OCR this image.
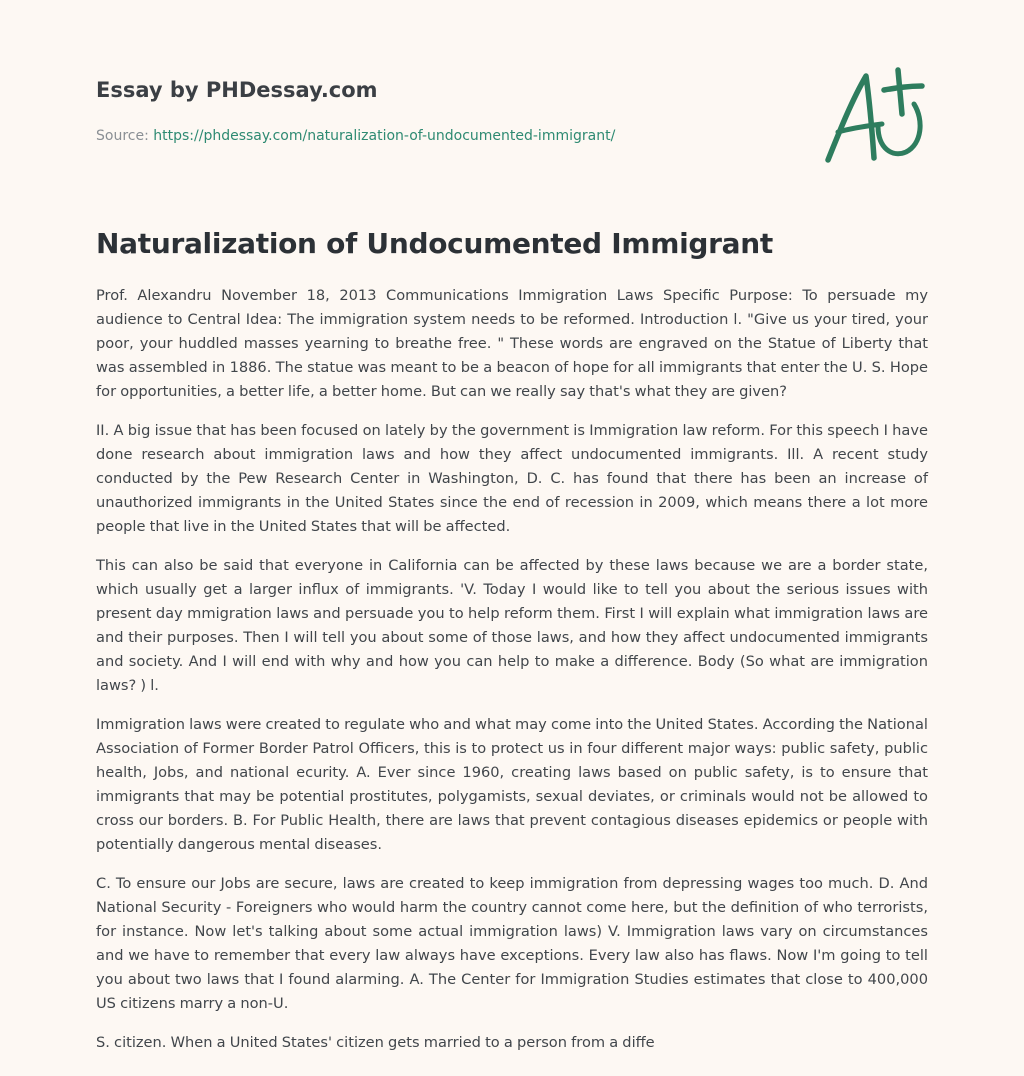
Essay by PHDessay.com
Source: https://phdessay.com/naturalization-of-undocumented-immigrant/
Naturalization of Undocumented Immigrant

Prof. Alexandru November 18, 2013 Communications Immigration Laws Specific Purpose: To persuade my audience to Central Idea: The immigration system needs to be reformed. Introduction l. "Give us your tired, your poor, your huddled masses yearning to breathe free. " These words are engraved on the Statue of Liberty that was assembled in 1886. The statue was meant to be a beacon of hope for all immigrants that enter the U. S. Hope for opportunities, a better life, a better home. But can we really say that's what they are given?

II. A big issue that has been focused on lately by the government is Immigration law reform. For this speech I have done research about immigration laws and how they affect undocumented immigrants. Ill. A recent study conducted by the Pew Research Center in Washington, D. C. has found that there has been an increase of unauthorized immigrants in the United States since the end of recession in 2009, which means there a lot more people that live in the United States that will be affected.

This can also be said that everyone in California can be affected by these laws because we are a border state, which usually get a larger influx of immigrants. 'V. Today I would like to tell you about the serious issues with present day mmigration laws and persuade you to help reform them. First I will explain what immigration laws are and their purposes. Then I will tell you about some of those laws, and how they affect undocumented immigrants and society. And I will end with why and how you can help to make a difference. Body (So what are immigration laws? ) l.

Immigration laws were created to regulate who and what may come into the United States. According the National Association of Former Border Patrol Officers, this is to protect us in four different major ways: public safety, public health, Jobs, and national ecurity. A. Ever since 1960, creating laws based on public safety, is to ensure that immigrants that may be potential prostitutes, polygamists, sexual deviates, or criminals would not be allowed to cross our borders. B. For Public Health, there are laws that prevent contagious diseases epidemics or people with potentially dangerous mental diseases.

C. To ensure our Jobs are secure, laws are created to keep immigration from depressing wages too much. D. And National Security - Foreigners who would harm the country cannot come here, but the definition of who terrorists, for instance. Now let's talking about some actual immigration laws) V. Immigration laws vary on circumstances and we have to remember that every law always have exceptions. Every law also has flaws. Now I'm going to tell you about two laws that I found alarming. A. The Center for Immigration Studies estimates that close to 400,000 US citizens marry a non-U.

S. citizen. When a United States' citizen gets married to a person from a diffe
